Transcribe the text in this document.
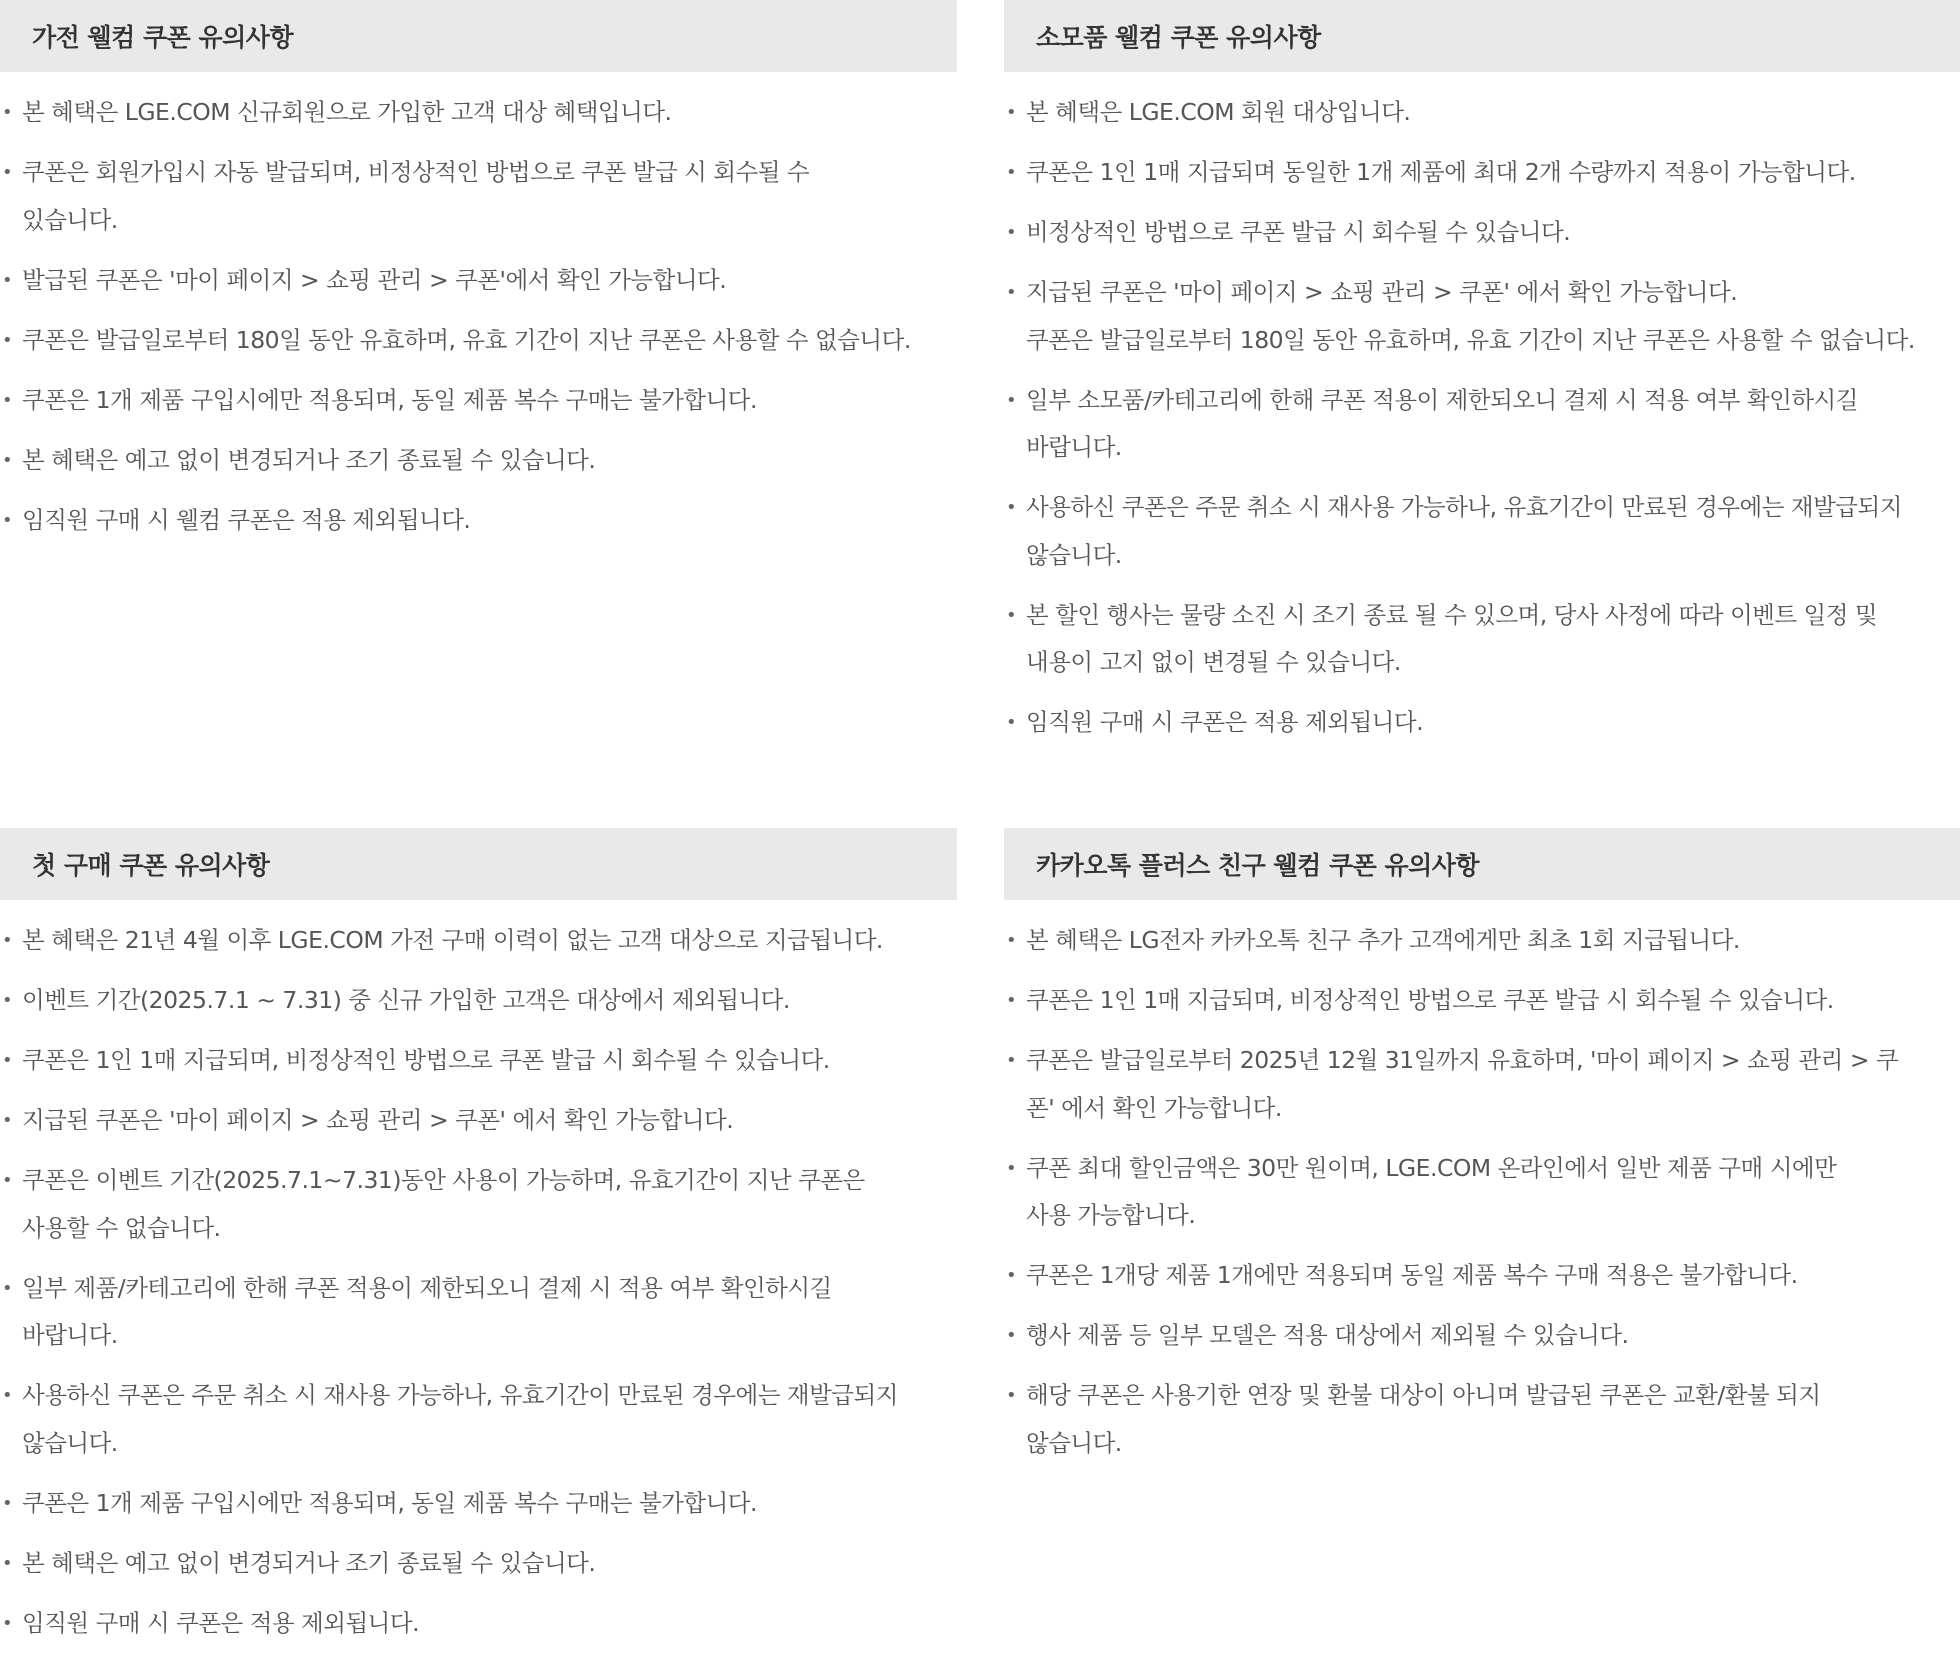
가전 웰컴 쿠폰 유의사항
• 본 혜택은 LGE.COM 신규회원으로 가입한 고객 대상 혜택입니다.
• 쿠폰은 회원가입시 자동 발급되며, 비정상적인 방법으로 쿠폰 발급 시 회수될 수
있습니다.
• 발급된 쿠폰은 '마이 페이지 > 쇼핑 관리 > 쿠폰'에서 확인 가능합니다.
• 쿠폰은 발급일로부터 180일 동안 유효하며, 유효 기간이 지난 쿠폰은 사용할 수 없습니다.
• 쿠폰은 1개 제품 구입시에만 적용되며, 동일 제품 복수 구매는 불가합니다.
• 본 혜택은 예고 없이 변경되거나 조기 종료될 수 있습니다.
• 임직원 구매 시 웰컴 쿠폰은 적용 제외됩니다.
소모품 웰컴 쿠폰 유의사항
• 본 혜택은 LGE.COM 회원 대상입니다.
• 쿠폰은 1인 1매 지급되며 동일한 1개 제품에 최대 2개 수량까지 적용이 가능합니다.
• 비정상적인 방법으로 쿠폰 발급 시 회수될 수 있습니다.
• 지급된 쿠폰은 '마이 페이지 > 쇼핑 관리 > 쿠폰' 에서 확인 가능합니다.
쿠폰은 발급일로부터 180일 동안 유효하며, 유효 기간이 지난 쿠폰은 사용할 수 없습니다.
• 일부 소모품/카테고리에 한해 쿠폰 적용이 제한되오니 결제 시 적용 여부 확인하시길
바랍니다.
• 사용하신 쿠폰은 주문 취소 시 재사용 가능하나, 유효기간이 만료된 경우에는 재발급되지
않습니다.
• 본 할인 행사는 물량 소진 시 조기 종료 될 수 있으며, 당사 사정에 따라 이벤트 일정 및
내용이 고지 없이 변경될 수 있습니다.
• 임직원 구매 시 쿠폰은 적용 제외됩니다.
첫 구매 쿠폰 유의사항
• 본 혜택은 21년 4월 이후 LGE.COM 가전 구매 이력이 없는 고객 대상으로 지급됩니다.
• 이벤트 기간(2025.7.1 ~ 7.31) 중 신규 가입한 고객은 대상에서 제외됩니다.
• 쿠폰은 1인 1매 지급되며, 비정상적인 방법으로 쿠폰 발급 시 회수될 수 있습니다.
• 지급된 쿠폰은 '마이 페이지 > 쇼핑 관리 > 쿠폰' 에서 확인 가능합니다.
• 쿠폰은 이벤트 기간(2025.7.1~7.31)동안 사용이 가능하며, 유효기간이 지난 쿠폰은
사용할 수 없습니다.
• 일부 제품/카테고리에 한해 쿠폰 적용이 제한되오니 결제 시 적용 여부 확인하시길
바랍니다.
• 사용하신 쿠폰은 주문 취소 시 재사용 가능하나, 유효기간이 만료된 경우에는 재발급되지
않습니다.
• 쿠폰은 1개 제품 구입시에만 적용되며, 동일 제품 복수 구매는 불가합니다.
• 본 혜택은 예고 없이 변경되거나 조기 종료될 수 있습니다.
• 임직원 구매 시 쿠폰은 적용 제외됩니다.
카카오톡 플러스 친구 웰컴 쿠폰 유의사항
• 본 혜택은 LG전자 카카오톡 친구 추가 고객에게만 최초 1회 지급됩니다.
• 쿠폰은 1인 1매 지급되며, 비정상적인 방법으로 쿠폰 발급 시 회수될 수 있습니다.
• 쿠폰은 발급일로부터 2025년 12월 31일까지 유효하며, '마이 페이지 > 쇼핑 관리 > 쿠
폰' 에서 확인 가능합니다.
• 쿠폰 최대 할인금액은 30만 원이며, LGE.COM 온라인에서 일반 제품 구매 시에만
사용 가능합니다.
• 쿠폰은 1개당 제품 1개에만 적용되며 동일 제품 복수 구매 적용은 불가합니다.
• 행사 제품 등 일부 모델은 적용 대상에서 제외될 수 있습니다.
• 해당 쿠폰은 사용기한 연장 및 환불 대상이 아니며 발급된 쿠폰은 교환/환불 되지
않습니다.
